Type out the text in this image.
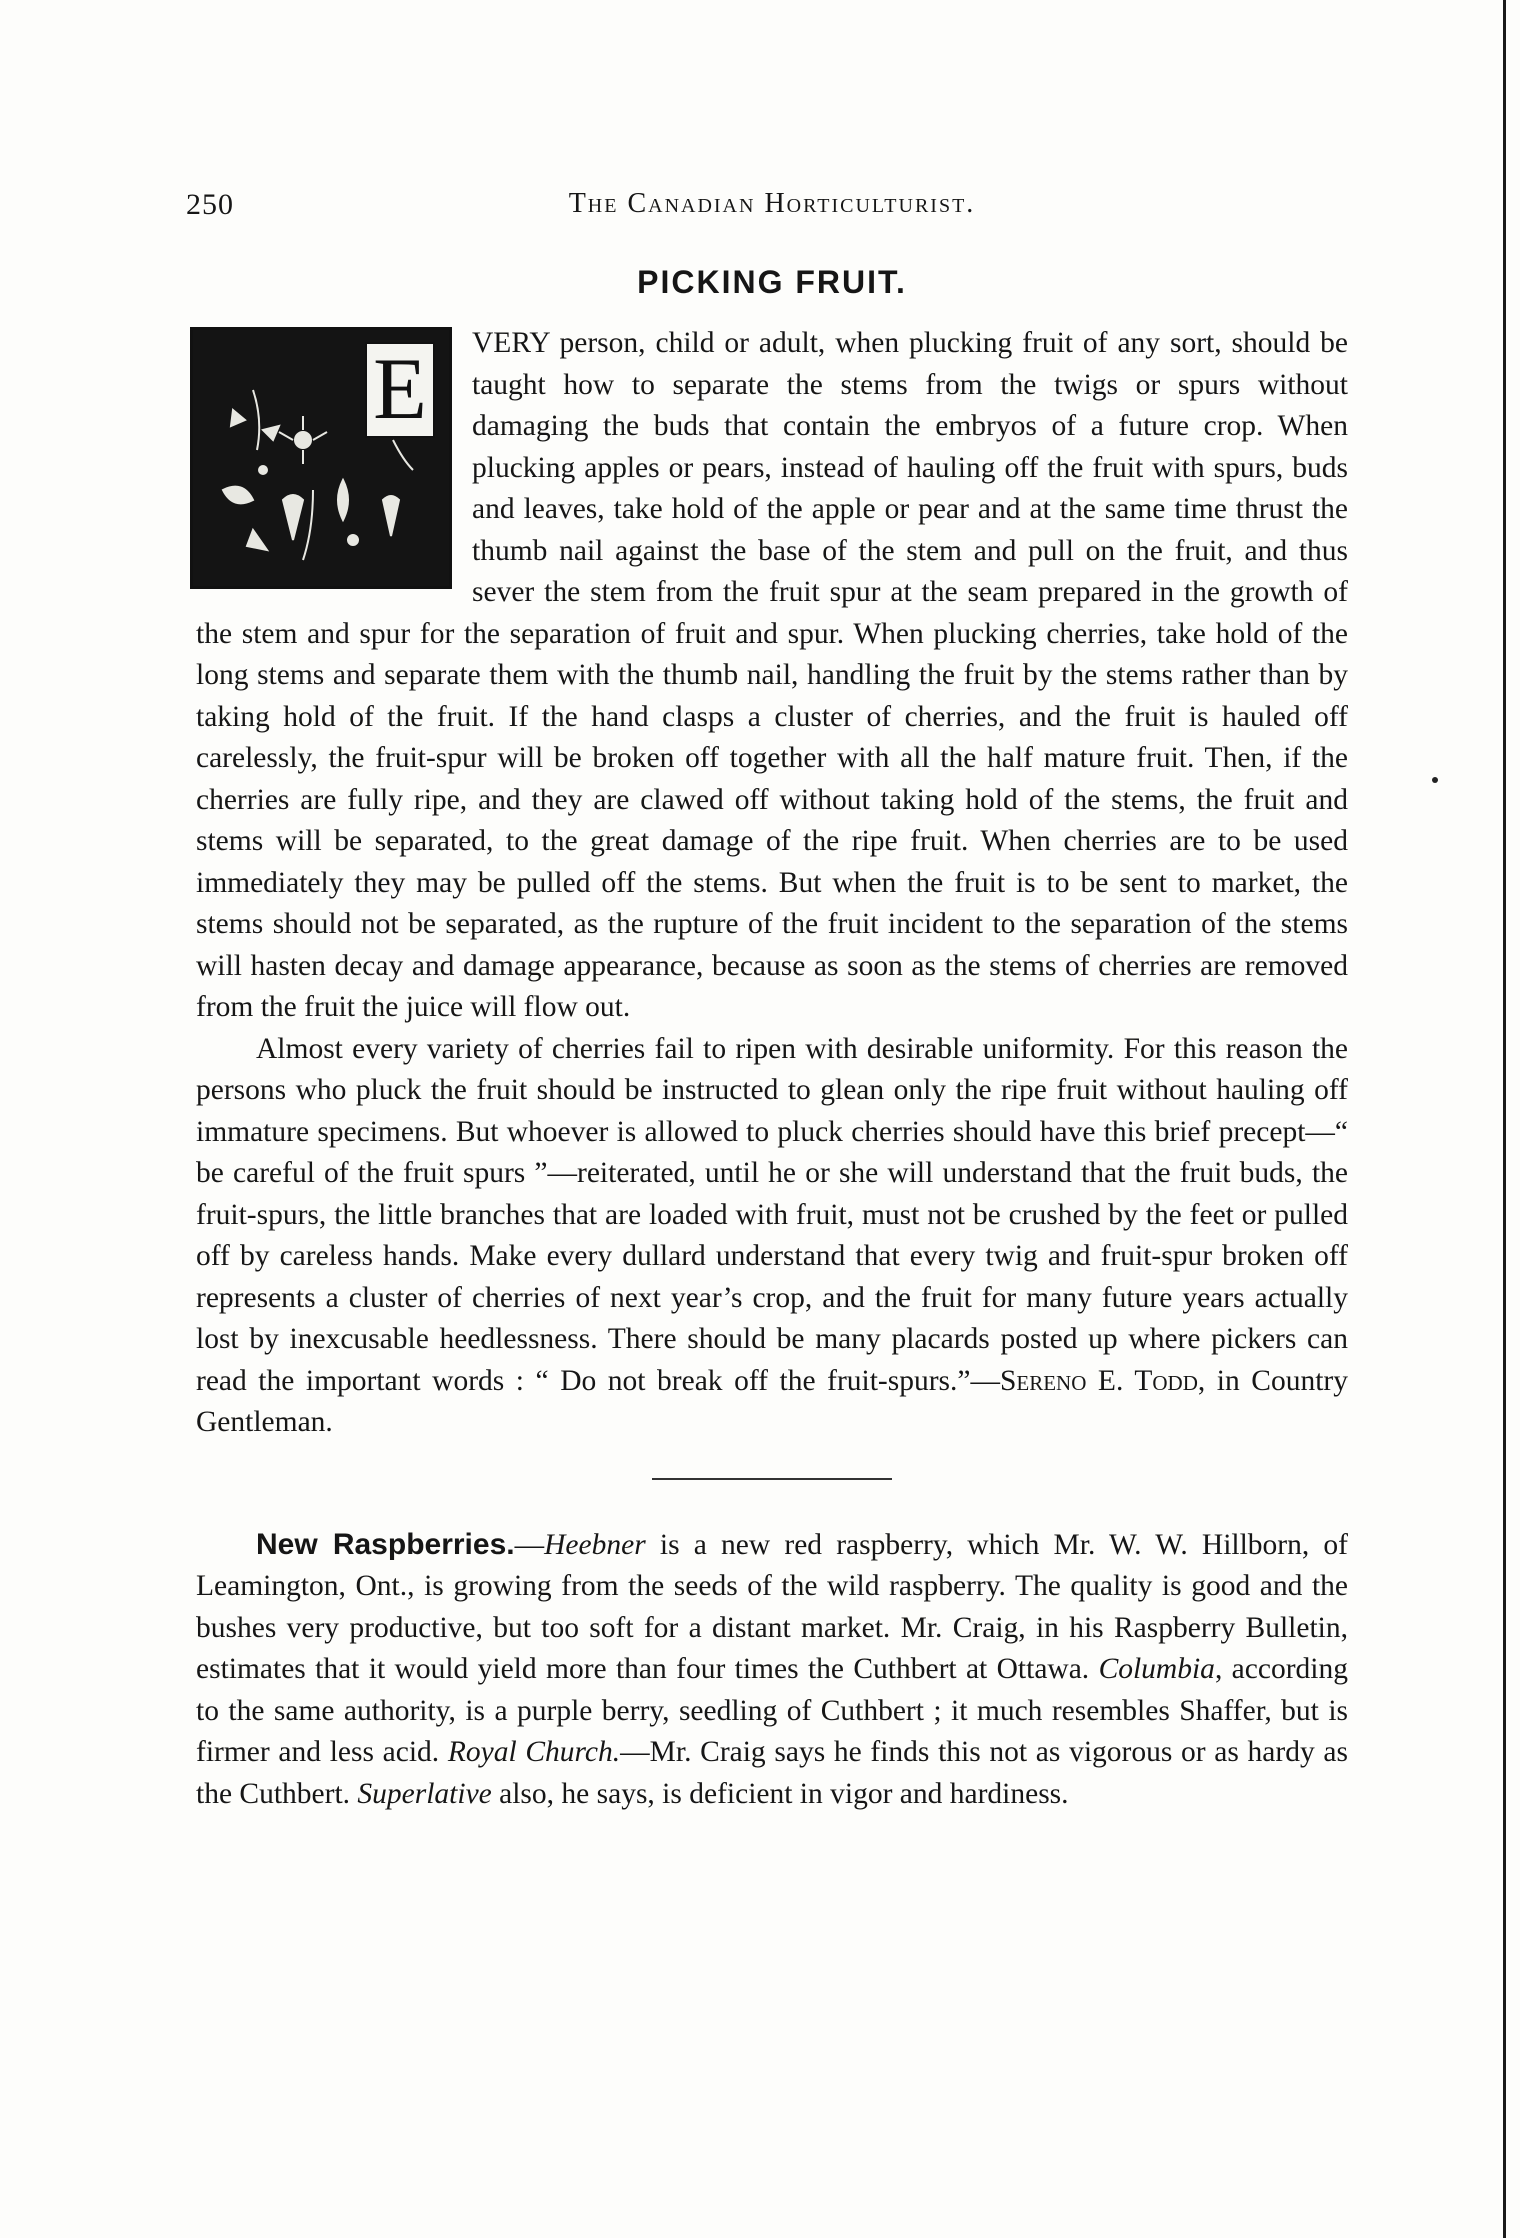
250	The Canadian Horticulturist.
PICKING FRUIT.

E VERY person, child or adult, when plucking fruit of any sort, should be taught how to separate the stems from the twigs or spurs without damaging the buds that contain the embryos of a future crop. When plucking apples or pears, instead of hauling off the fruit with spurs, buds and leaves, take hold of the apple or pear and at the same time thrust the thumb nail against the base of the stem and pull on the fruit, and thus sever the stem from the fruit spur at the seam prepared in the growth of the stem and spur for the separation of fruit and spur. When plucking cherries, take hold of the long stems and separate them with the thumb nail, handling the fruit by the stems rather than by taking hold of the fruit. If the hand clasps a cluster of cherries, and the fruit is hauled off carelessly, the fruit-spur will be broken off together with all the half mature fruit. Then, if the cherries are fully ripe, and they are clawed off without taking hold of the stems, the fruit and stems will be separated, to the great damage of the ripe fruit. When cherries are to be used immediately they may be pulled off the stems. But when the fruit is to be sent to market, the stems should not be separated, as the rupture of the fruit incident to the separation of the stems will hasten decay and damage appearance, because as soon as the stems of cherries are removed from the fruit the juice will flow out.

Almost every variety of cherries fail to ripen with desirable uniformity. For this reason the persons who pluck the fruit should be instructed to glean only the ripe fruit without hauling off immature specimens. But whoever is allowed to pluck cherries should have this brief precept—“ be careful of the fruit spurs ”—reiterated, until he or she will understand that the fruit buds, the fruit-spurs, the little branches that are loaded with fruit, must not be crushed by the feet or pulled off by careless hands. Make every dullard understand that every twig and fruit-spur broken off represents a cluster of cherries of next year’s crop, and the fruit for many future years actually lost by inexcusable heedlessness. There should be many placards posted up where pickers can read the important words : “ Do not break off the fruit-spurs.”—Sereno E. Todd, in Country Gentleman.

New Raspberries.—Heebner is a new red raspberry, which Mr. W. W. Hillborn, of Leamington, Ont., is growing from the seeds of the wild raspberry. The quality is good and the bushes very productive, but too soft for a distant market. Mr. Craig, in his Raspberry Bulletin, estimates that it would yield more than four times the Cuthbert at Ottawa. Columbia, according to the same authority, is a purple berry, seedling of Cuthbert ; it much resembles Shaffer, but is firmer and less acid. Royal Church.—Mr. Craig says he finds this not as vigorous or as hardy as the Cuthbert. Superlative also, he says, is deficient in vigor and hardiness.
